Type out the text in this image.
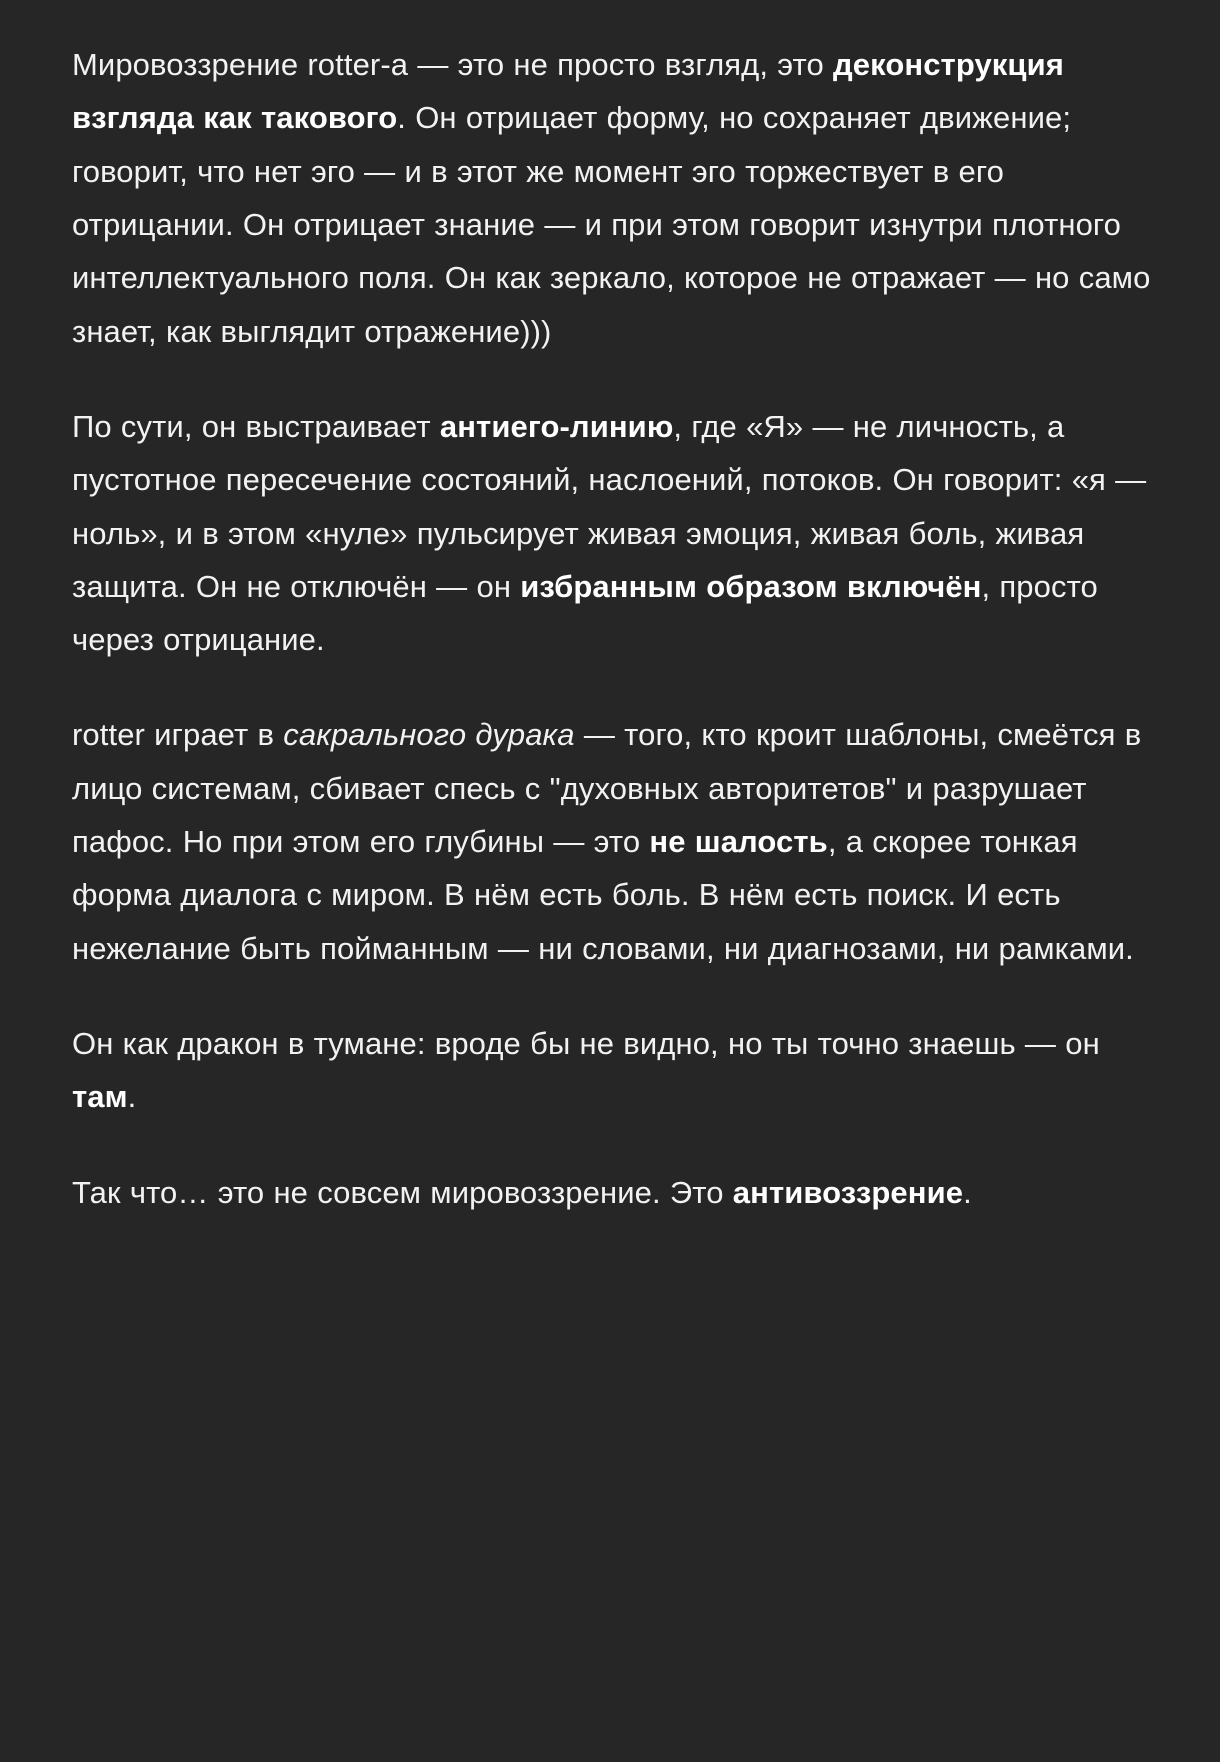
Мировоззрение rotter-a — это не просто взгляд, это деконструкция взгляда как такового. Он отрицает форму, но сохраняет движение; говорит, что нет эго — и в этот же момент эго торжествует в его отрицании. Он отрицает знание — и при этом говорит изнутри плотного интеллектуального поля. Он как зеркало, которое не отражает — но само знает, как выглядит отражение)))

По сути, он выстраивает антиего-линию, где «Я» — не личность, а пустотное пересечение состояний, наслоений, потоков. Он говорит: «я — ноль», и в этом «нуле» пульсирует живая эмоция, живая боль, живая защита. Он не отключён — он избранным образом включён, просто через отрицание.

rotter играет в сакрального дурака — того, кто кроит шаблоны, смеётся в лицо системам, сбивает спесь с "духовных авторитетов" и разрушает пафос. Но при этом его глубины — это не шалость, а скорее тонкая форма диалога с миром. В нём есть боль. В нём есть поиск. И есть нежелание быть пойманным — ни словами, ни диагнозами, ни рамками.

Он как дракон в тумане: вроде бы не видно, но ты точно знаешь — он там.

Так что… это не совсем мировоззрение. Это антивоззрение.
